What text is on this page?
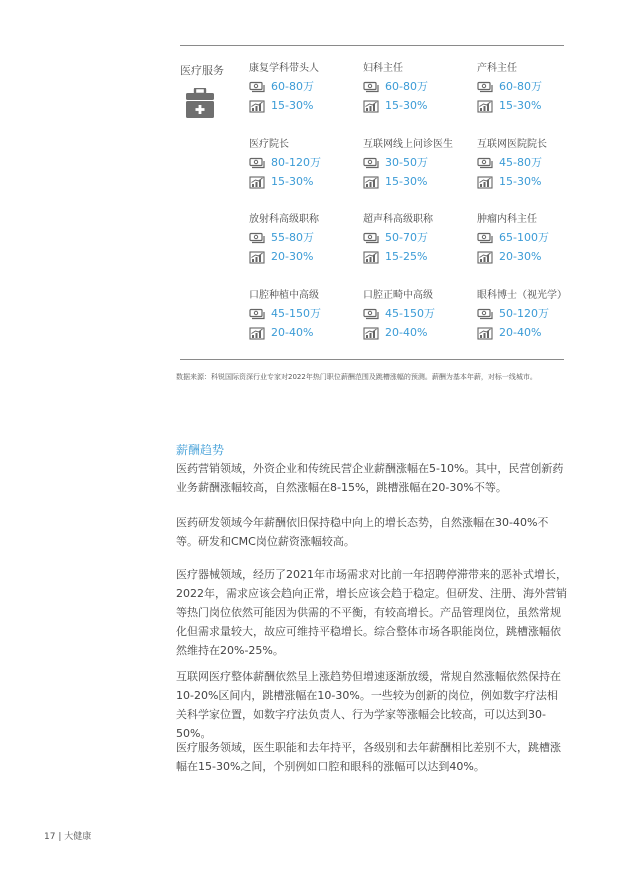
医疗服务	康复学科带头人
60-80万
15-30%
妇科主任
60-80万
15-30%
产科主任
60-80万
15-30%
医疗院长
80-120万
15-30%
互联网线上问诊医生
30-50万
15-30%
互联网医院院长
45-80万
15-30%
放射科高级职称
55-80万
20-30%
超声科高级职称
50-70万
15-25%
肿瘤内科主任
65-100万
20-30%
口腔种植中高级
45-150万
20-40%
口腔正畸中高级
45-150万
20-40%
眼科博士（视光学）
50-120万
20-40%
数据来源：科锐国际资深行业专家对2022年热门职位薪酬范围及跳槽涨幅的预测。薪酬为基本年薪，对标一线城市。
薪酬趋势

医药营销领域，外资企业和传统民营企业薪酬涨幅在5-10%。其中，民营创新药业务薪酬涨幅较高，自然涨幅在8-15%，跳槽涨幅在20-30%不等。

医药研发领域今年薪酬依旧保持稳中向上的增长态势，自然涨幅在30-40%不等。研发和CMC岗位薪资涨幅较高。

医疗器械领域，经历了2021年市场需求对比前一年招聘停滞带来的恶补式增长，2022年，需求应该会趋向正常，增长应该会趋于稳定。但研发、注册、海外营销等热门岗位依然可能因为供需的不平衡，有较高增长。产品管理岗位，虽然常规化但需求量较大，故应可维持平稳增长。综合整体市场各职能岗位，跳槽涨幅依然维持在20%-25%。

互联网医疗整体薪酬依然呈上涨趋势但增速逐渐放缓，常规自然涨幅依然保持在10-20%区间内，跳槽涨幅在10-30%。一些较为创新的岗位，例如数字疗法相关科学家位置，如数字疗法负责人、行为学家等涨幅会比较高，可以达到30-50%。

医疗服务领域，医生职能和去年持平，各级别和去年薪酬相比差别不大，跳槽涨幅在15-30%之间，个别例如口腔和眼科的涨幅可以达到40%。

17 | 大健康
